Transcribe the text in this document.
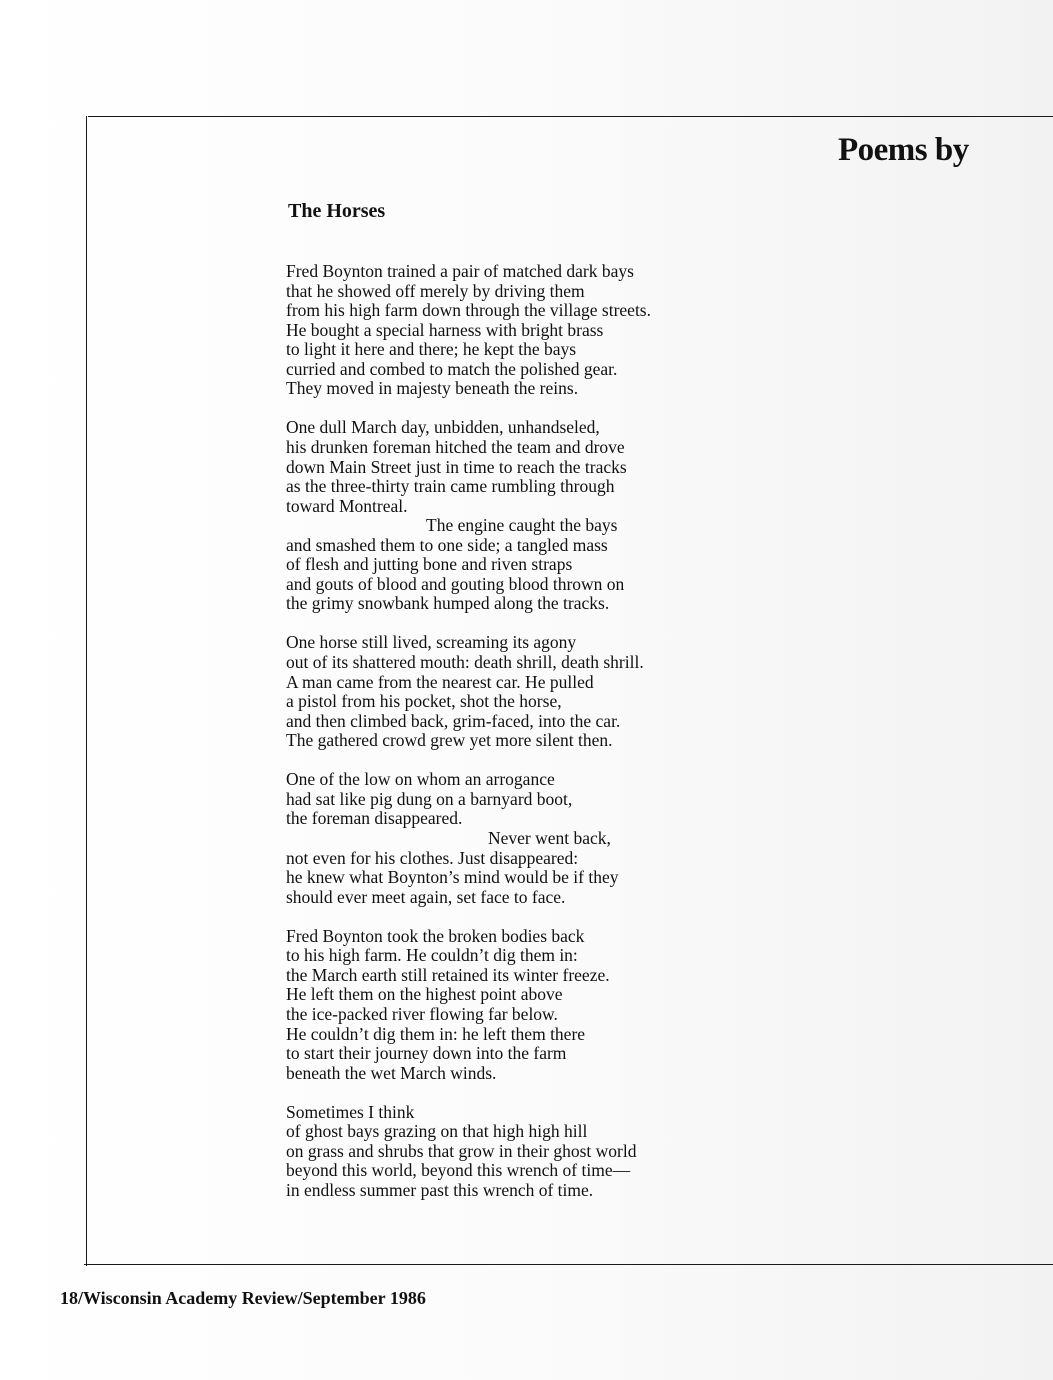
Poems by
The Horses
Fred Boynton trained a pair of matched dark bays
that he showed off merely by driving them
from his high farm down through the village streets.
He bought a special harness with bright brass
to light it here and there; he kept the bays
curried and combed to match the polished gear.
They moved in majesty beneath the reins.
One dull March day, unbidden, unhandseled,
his drunken foreman hitched the team and drove
down Main Street just in time to reach the tracks
as the three-thirty train came rumbling through
toward Montreal.
The engine caught the bays
and smashed them to one side; a tangled mass
of flesh and jutting bone and riven straps
and gouts of blood and gouting blood thrown on
the grimy snowbank humped along the tracks.
One horse still lived, screaming its agony
out of its shattered mouth: death shrill, death shrill.
A man came from the nearest car. He pulled
a pistol from his pocket, shot the horse,
and then climbed back, grim-faced, into the car.
The gathered crowd grew yet more silent then.
One of the low on whom an arrogance
had sat like pig dung on a barnyard boot,
the foreman disappeared.
Never went back,
not even for his clothes. Just disappeared:
he knew what Boynton’s mind would be if they
should ever meet again, set face to face.
Fred Boynton took the broken bodies back
to his high farm. He couldn’t dig them in:
the March earth still retained its winter freeze.
He left them on the highest point above
the ice-packed river flowing far below.
He couldn’t dig them in: he left them there
to start their journey down into the farm
beneath the wet March winds.
Sometimes I think
of ghost bays grazing on that high high hill
on grass and shrubs that grow in their ghost world
beyond this world, beyond this wrench of time—
in endless summer past this wrench of time.
18/Wisconsin Academy Review/September 1986
